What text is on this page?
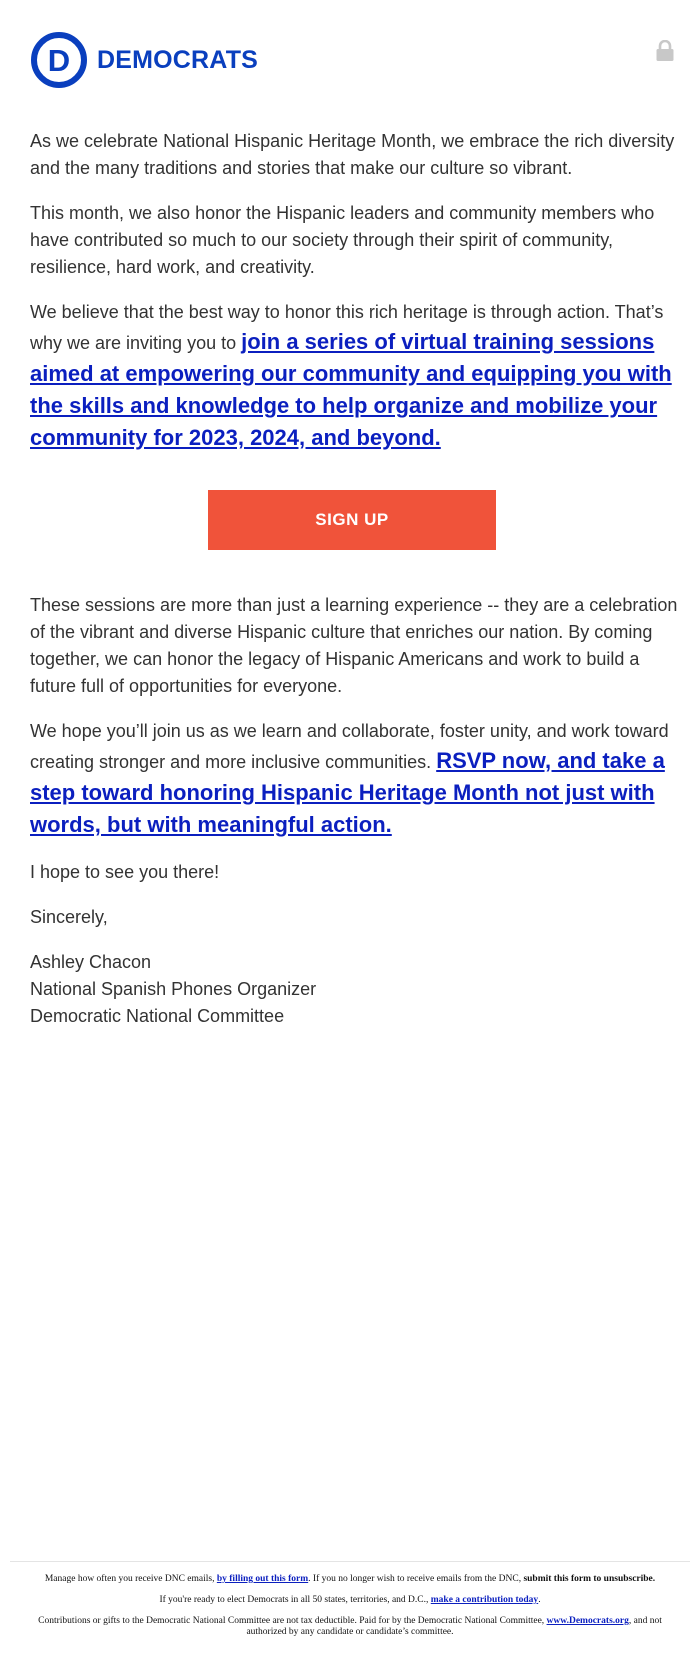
D DEMOCRATS

As we celebrate National Hispanic Heritage Month, we embrace the rich diversity and the many traditions and stories that make our culture so vibrant.

This month, we also honor the Hispanic leaders and community members who have contributed so much to our society through their spirit of community, resilience, hard work, and creativity.

We believe that the best way to honor this rich heritage is through action. That’s why we are inviting you to join a series of virtual training sessions aimed at empowering our community and equipping you with the skills and knowledge to help organize and mobilize your community for 2023, 2024, and beyond.

SIGN UP

These sessions are more than just a learning experience -- they are a celebration of the vibrant and diverse Hispanic culture that enriches our nation. By coming together, we can honor the legacy of Hispanic Americans and work to build a future full of opportunities for everyone.

We hope you’ll join us as we learn and collaborate, foster unity, and work toward creating stronger and more inclusive communities. RSVP now, and take a step toward honoring Hispanic Heritage Month not just with words, but with meaningful action.

I hope to see you there!

Sincerely,

Ashley Chacon
National Spanish Phones Organizer
Democratic National Committee

Manage how often you receive DNC emails, by filling out this form. If you no longer wish to receive emails from the DNC, submit this form to unsubscribe.

If you're ready to elect Democrats in all 50 states, territories, and D.C., make a contribution today.

Contributions or gifts to the Democratic National Committee are not tax deductible. Paid for by the Democratic National Committee, www.Democrats.org, and not authorized by any candidate or candidate’s committee.
